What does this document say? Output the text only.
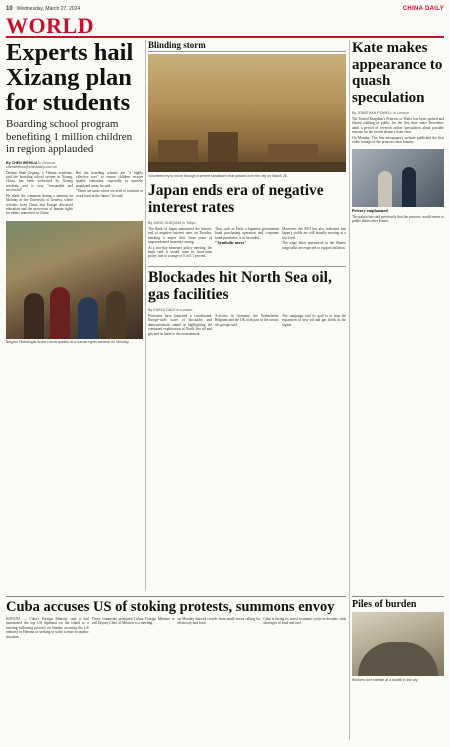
10 Wednesday, March 27, 2024	CHINA DAILY
WORLD
Experts hail Xizang plan for students
Boarding school program benefiting 1 million children in region applauded
By CHEN WEIHUA in Geneva
chenweihua@chinadaily.com.cn

Deshan Shah Zegang, a Tibetan academic, said the boarding school system in Xizang, China, has been welcomed by Xizang residents and is very "reasonable and successful".

He made the comment during a seminar on Monday at the University of Geneva, where scholars from China and Europe discussed education and the protection of human rights for ethnic minorities in China.

But the boarding schools are "a highly effective way" to ensure children receive quality education, especially in sparsely populated areas, he said.

"These are areas where we need to continue to work hard in the future," he said.

Belgian Tibetologist Arche Lenca speaks at a human rights seminar on Monday.
Blinding storm
Volunteers try to move through a severe sandstorm that passed over the city on March 26.
Japan ends era of negative interest rates
By JIANG XUEQING in Tokyo

The Bank of Japan announced the historic end of negative interest rates on Tuesday, marking a major shift from years of unprecedented monetary easing.

At a two-day monetary policy meeting, the bank said it would raise its short-term policy rate to a range of 0 to 0.1 percent.

That, such as Fitch, a Japanese government bond purchasing operation and corporate bond purchases, is to be ended.

"Symbolic move"

Moreover, the BOJ has also indicated that Japan's yields are still broadly moving at a low level.

The wage hikes announced in the Shunto wage talks are expected to support inflation.

Blockades hit North Sea oil, gas facilities
By EARLE GALE in London

Protesters have launched a coordinated, Europe-wide wave of blockades and demonstrations aimed at highlighting the continued exploitation of North Sea oil and gas and its harm to the environment.

Activists in Germany, the Netherlands, Belgium and the UK took part in the action, the groups said.

The campaign said its goal is to stop the expansion of new oil and gas fields in the region.

Kate makes appearance to quash speculation
By JONATHAN POWELL in London

The United Kingdom's Princess of Wales has been spotted and filmed walking in public for the first time since December, amid a period of feverish online speculation about possible reasons for her recent absence from view.

On Monday, The Sun newspaper's website published the first video footage of the princess since January.

Privacy emphasized

The palace has said previously that the princess would return to public duties after Easter.

Cuba accuses US of stoking protests, summons envoy

HAVANA — Cuba's Foreign Ministry said it had summoned the top US diplomat on the island to a meeting following protests on Sunday accusing the US embassy in Havana of seeking to stoke a tense economic situation.

Those comments prompted Cuban Foreign Minister to call Deputy Chief of Mission to a meeting.

on Monday showed crowds from small towns calling for electricity and food.

Cuba is facing its worst economic crisis in decades, with shortages of food and fuel.

Piles of burden
Workers sort rubbish at a landfill in the city.
